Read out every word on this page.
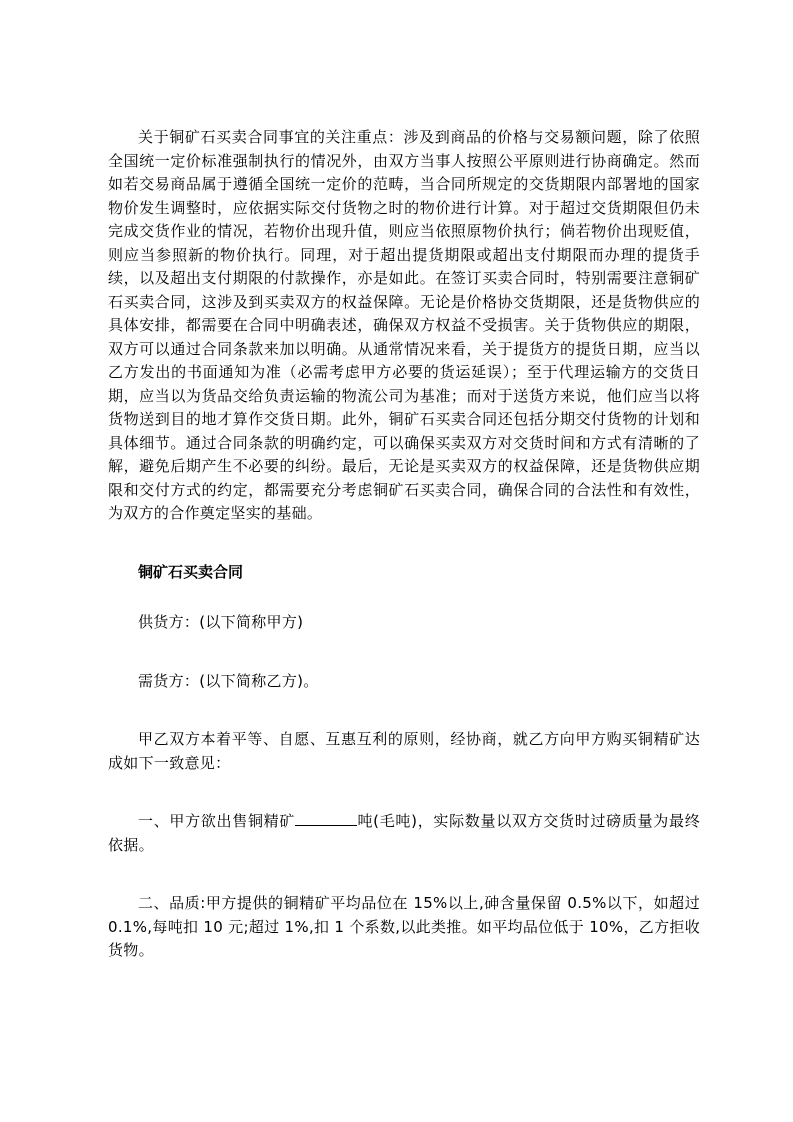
关于铜矿石买卖合同事宜的关注重点：涉及到商品的价格与交易额问题，除了依照全国统一定价标准强制执行的情况外，由双方当事人按照公平原则进行协商确定。然而如若交易商品属于遵循全国统一定价的范畴，当合同所规定的交货期限内部署地的国家物价发生调整时，应依据实际交付货物之时的物价进行计算。对于超过交货期限但仍未完成交货作业的情况，若物价出现升值，则应当依照原物价执行；倘若物价出现贬值，则应当参照新的物价执行。同理，对于超出提货期限或超出支付期限而办理的提货手续，以及超出支付期限的付款操作，亦是如此。在签订买卖合同时，特别需要注意铜矿石买卖合同，这涉及到买卖双方的权益保障。无论是价格协交货期限，还是货物供应的具体安排，都需要在合同中明确表述，确保双方权益不受损害。关于货物供应的期限，双方可以通过合同条款来加以明确。从通常情况来看，关于提货方的提货日期，应当以乙方发出的书面通知为准（必需考虑甲方必要的货运延误）；至于代理运输方的交货日期，应当以为货品交给负责运输的物流公司为基准；而对于送货方来说，他们应当以将货物送到目的地才算作交货日期。此外，铜矿石买卖合同还包括分期交付货物的计划和具体细节。通过合同条款的明确约定，可以确保买卖双方对交货时间和方式有清晰的了解，避免后期产生不必要的纠纷。最后，无论是买卖双方的权益保障，还是货物供应期限和交付方式的约定，都需要充分考虑铜矿石买卖合同，确保合同的合法性和有效性，为双方的合作奠定坚实的基础。

铜矿石买卖合同

供货方：(以下简称甲方)

需货方：(以下简称乙方)。

甲乙双方本着平等、自愿、互惠互利的原则，经协商，就乙方向甲方购买铜精矿达成如下一致意见：

一、甲方欲出售铜精矿	吨(毛吨)，实际数量以双方交货时过磅质量为最终依据。

二、品质:甲方提供的铜精矿平均品位在 15%以上,砷含量保留 0.5%以下，如超过 0.1%,每吨扣 10 元;超过 1%,扣 1 个系数,以此类推。如平均品位低于 10%，乙方拒收货物。
